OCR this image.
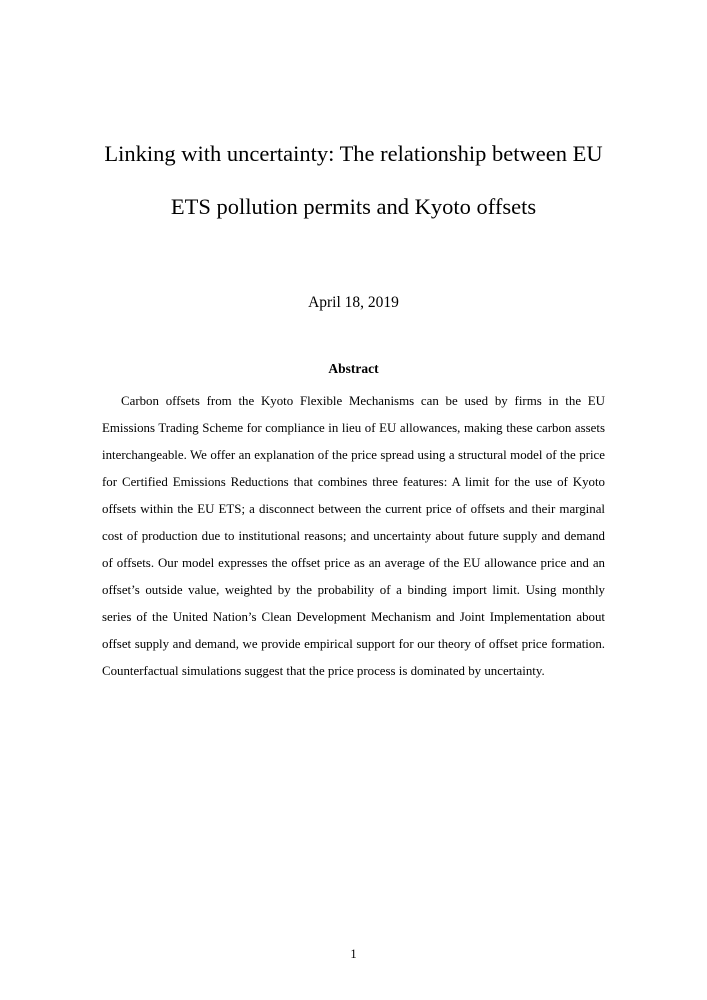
Linking with uncertainty: The relationship between EU
ETS pollution permits and Kyoto offsets
April 18, 2019
Abstract

Carbon offsets from the Kyoto Flexible Mechanisms can be used by firms in the EU Emissions Trading Scheme for compliance in lieu of EU allowances, making these carbon assets interchangeable. We offer an explanation of the price spread using a structural model of the price for Certified Emissions Reductions that combines three features: A limit for the use of Kyoto offsets within the EU ETS; a disconnect between the current price of offsets and their marginal cost of production due to institutional reasons; and uncertainty about future supply and demand of offsets. Our model expresses the offset price as an average of the EU allowance price and an offset’s outside value, weighted by the probability of a binding import limit. Using monthly series of the United Nation’s Clean Development Mechanism and Joint Implementation about offset supply and demand, we provide empirical support for our theory of offset price formation. Counterfactual simulations suggest that the price process is dominated by uncertainty.

1
